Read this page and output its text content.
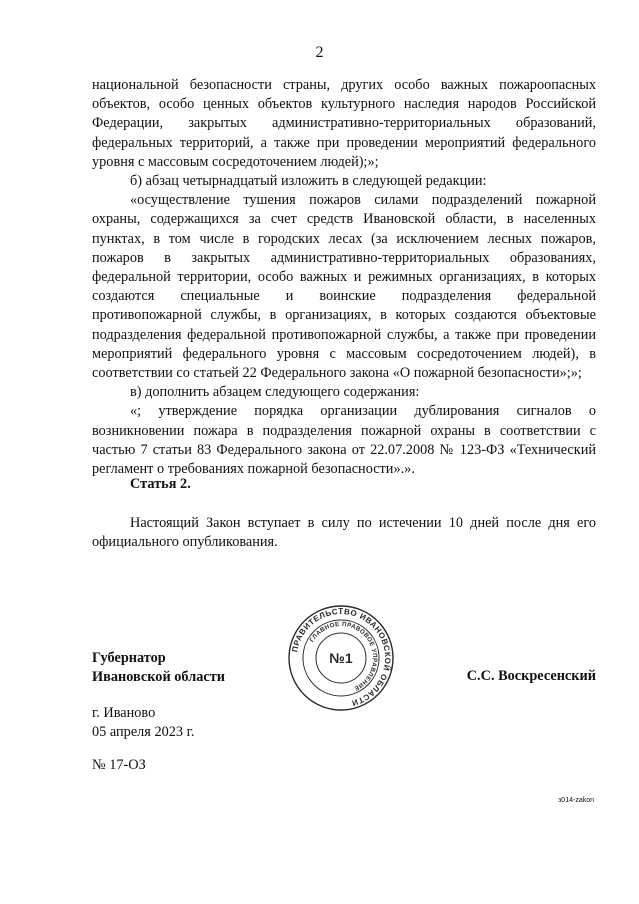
2

национальной безопасности страны, других особо важных пожароопасных объектов, особо ценных объектов культурного наследия народов Российской Федерации, закрытых административно-территориальных образований, федеральных территорий, а также при проведении мероприятий федерального уровня с массовым сосредоточением людей);»;

б) абзац четырнадцатый изложить в следующей редакции:

«осуществление тушения пожаров силами подразделений пожарной охраны, содержащихся за счет средств Ивановской области, в населенных пунктах, в том числе в городских лесах (за исключением лесных пожаров, пожаров в закрытых административно-территориальных образованиях, федеральной территории, особо важных и режимных организациях, в которых создаются специальные и воинские подразделения федеральной противопожарной службы, в организациях, в которых создаются объектовые подразделения федеральной противопожарной службы, а также при проведении мероприятий федерального уровня с массовым сосредоточением людей), в соответствии со статьей 22 Федерального закона «О пожарной безопасности»;»;

в) дополнить абзацем следующего содержания:

«; утверждение порядка организации дублирования сигналов о возникновении пожара в подразделения пожарной охраны в соответствии с частью 7 статьи 83 Федерального закона от 22.07.2008 № 123-ФЗ «Технический регламент о требованиях пожарной безопасности».».

Статья 2.

Настоящий Закон вступает в силу по истечении 10 дней после дня его официального опубликования.

Губернатор
Ивановской области
ПРАВИТЕЛЬСТВО ИВАНОВСКОЙ ОБЛАСТИ
ГЛАВНОЕ ПРАВОВОЕ УПРАВЛЕНИЕ
№1
С.С. Воскресенский
г. Иваново
05 апреля 2023 г.
№ 17-ОЗ
з014-zakon
